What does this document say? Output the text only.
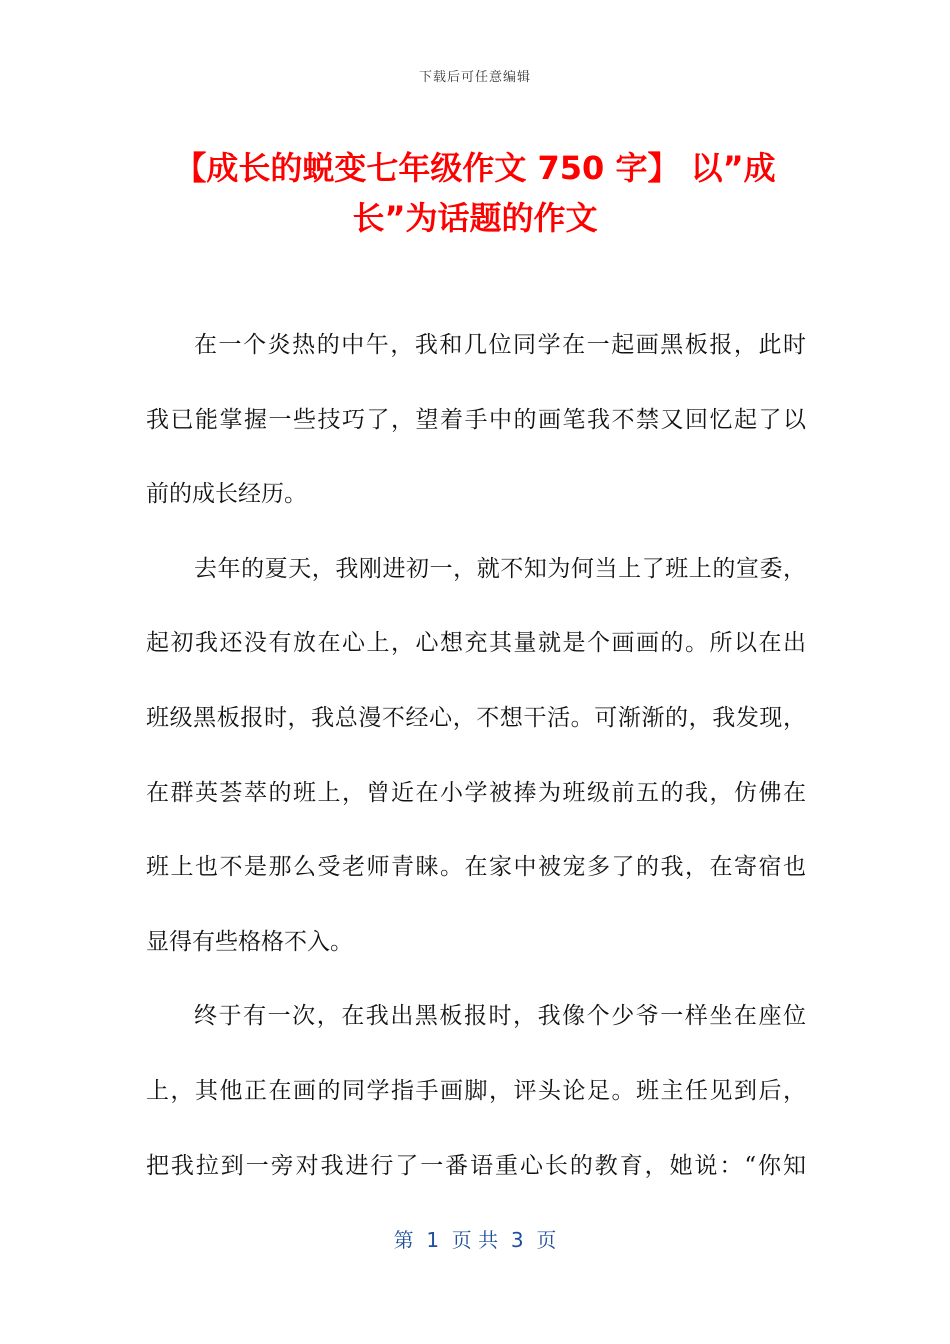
下载后可任意编辑
【成长的蜕变七年级作文 750 字】 以”成
长”为话题的作文
在一个炎热的中午，我和几位同学在一起画黑板报，此时
我已能掌握一些技巧了，望着手中的画笔我不禁又回忆起了以
前的成长经历。
去年的夏天，我刚进初一，就不知为何当上了班上的宣委，
起初我还没有放在心上，心想充其量就是个画画的。所以在出
班级黑板报时，我总漫不经心，不想干活。可渐渐的，我发现，
在群英荟萃的班上，曾近在小学被捧为班级前五的我，仿佛在
班上也不是那么受老师青睐。在家中被宠多了的我，在寄宿也
显得有些格格不入。
终于有一次，在我出黑板报时，我像个少爷一样坐在座位
上，其他正在画的同学指手画脚，评头论足。班主任见到后，
把我拉到一旁对我进行了一番语重心长的教育，她说：“你知
第  1  页 共  3  页
